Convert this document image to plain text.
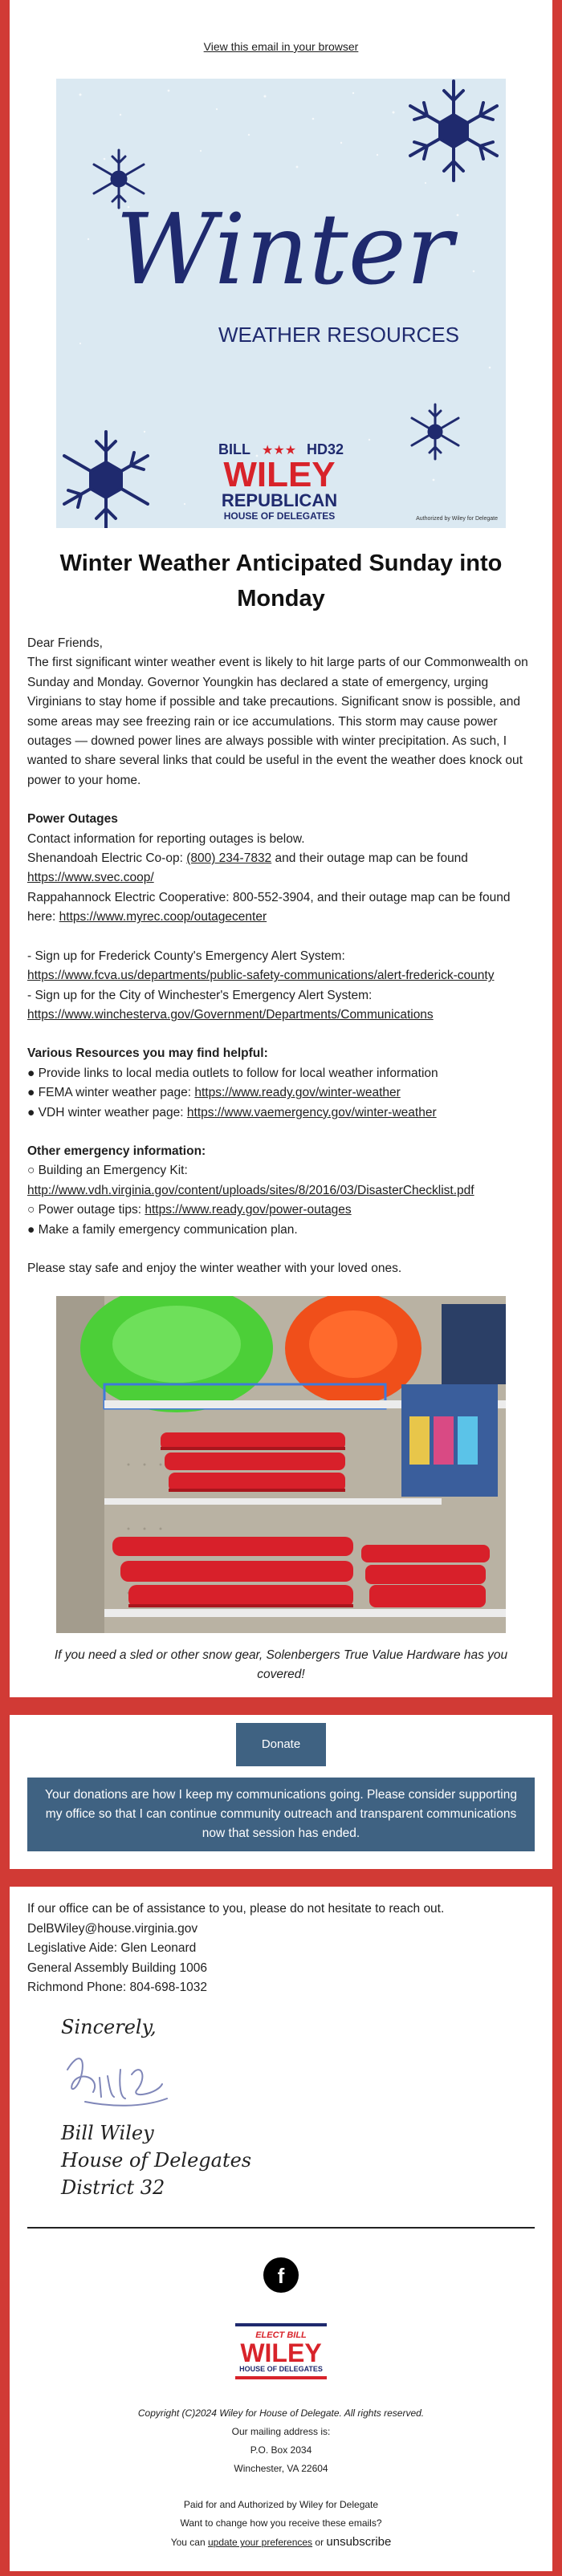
View this email in your browser
Winter
WEATHER RESOURCES
BILL ★★★ HD32
WILEY
REPUBLICAN
HOUSE OF DELEGATES	Authorized by Wiley for Delegate
Winter Weather Anticipated Sunday into Monday
Dear Friends,
The first significant winter weather event is likely to hit large parts of our Commonwealth on Sunday and Monday. Governor Youngkin has declared a state of emergency, urging Virginians to stay home if possible and take precautions. Significant snow is possible, and some areas may see freezing rain or ice accumulations. This storm may cause power outages — downed power lines are always possible with winter precipitation. As such, I wanted to share several links that could be useful in the event the weather does knock out power to your home.
Power Outages
Contact information for reporting outages is below.
Shenandoah Electric Co-op: (800) 234-7832 and their outage map can be found
https://www.svec.coop/
Rappahannock Electric Cooperative: 800-552-3904, and their outage map can be found here: https://www.myrec.coop/outagecenter
- Sign up for Frederick County's Emergency Alert System:
https://www.fcva.us/departments/public-safety-communications/alert-frederick-county
- Sign up for the City of Winchester's Emergency Alert System:
https://www.winchesterva.gov/Government/Departments/Communications
Various Resources you may find helpful:
● Provide links to local media outlets to follow for local weather information
● FEMA winter weather page: https://www.ready.gov/winter-weather
● VDH winter weather page: https://www.vaemergency.gov/winter-weather
Other emergency information:
○ Building an Emergency Kit:
http://www.vdh.virginia.gov/content/uploads/sites/8/2016/03/DisasterChecklist.pdf
○ Power outage tips: https://www.ready.gov/power-outages
● Make a family emergency communication plan.
Please stay safe and enjoy the winter weather with your loved ones.

If you need a sled or other snow gear, Solenbergers True Value Hardware has you covered!

Donate
Your donations are how I keep my communications going. Please consider supporting my office so that I can continue community outreach and transparent communications now that session has ended.
If our office can be of assistance to you, please do not hesitate to reach out.
DelBWiley@house.virginia.gov
Legislative Aide: Glen Leonard
General Assembly Building 1006
Richmond Phone: 804-698-1032
Sincerely,
Bill Wiley
House of Delegates
District 32
f
ELECT BILL
WILEY
HOUSE OF DELEGATES
Copyright (C)2024 Wiley for House of Delegate. All rights reserved.
Our mailing address is:
P.O. Box 2034
Winchester, VA 22604
Paid for and Authorized by Wiley for Delegate
Want to change how you receive these emails?
You can update your preferences or unsubscribe
